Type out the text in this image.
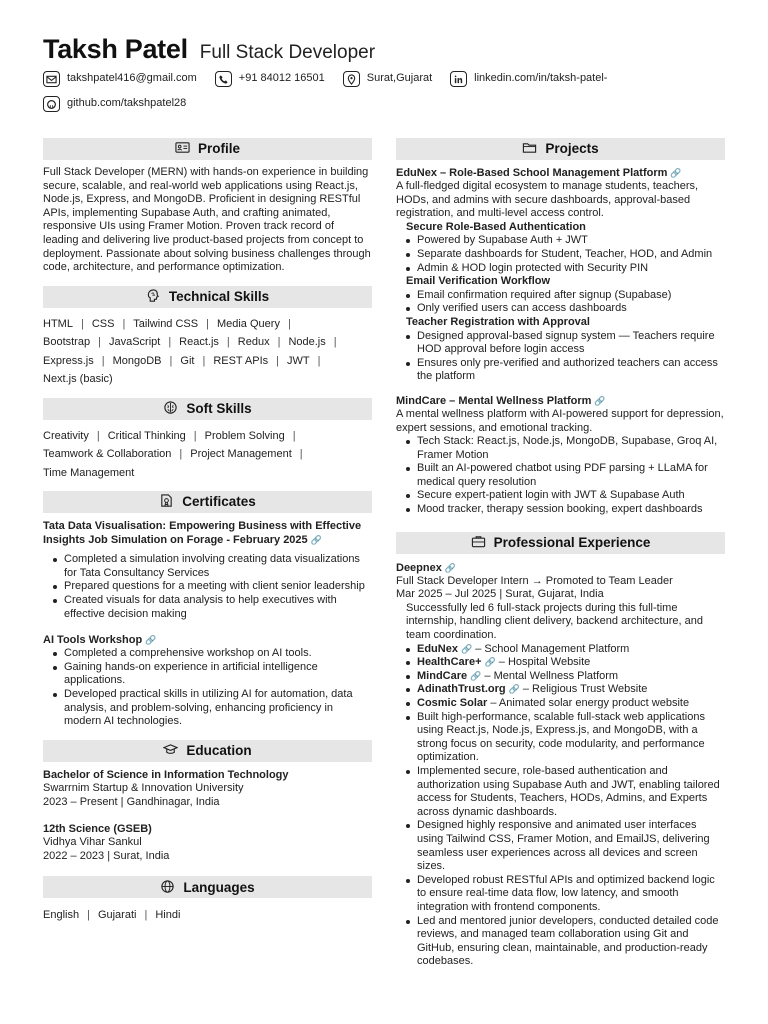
Taksh Patel Full Stack Developer
takshpatel416@gmail.com	+91 84012 16501	Surat,Gujarat	linkedin.com/in/taksh-patel-
github.com/takshpatel28
Profile
Full Stack Developer (MERN) with hands-on experience in building secure, scalable, and real-world web applications using React.js, Node.js, Express, and MongoDB. Proficient in designing RESTful APIs, implementing Supabase Auth, and crafting animated, responsive UIs using Framer Motion. Proven track record of leading and delivering live product-based projects from concept to deployment. Passionate about solving business challenges through code, architecture, and performance optimization.
Technical Skills
HTML | CSS | Tailwind CSS | Media Query |
Bootstrap | JavaScript | React.js | Redux | Node.js |
Express.js | MongoDB | Git | REST APIs | JWT |
Next.js (basic)
Soft Skills
Creativity | Critical Thinking | Problem Solving |
Teamwork & Collaboration | Project Management |
Time Management
Certificates
Tata Data Visualisation: Empowering Business with Effective Insights Job Simulation on Forage - February 2025 🔗
Completed a simulation involving creating data visualizations for Tata Consultancy Services
Prepared questions for a meeting with client senior leadership
Created visuals for data analysis to help executives with effective decision making
AI Tools Workshop 🔗
Completed a comprehensive workshop on AI tools.
Gaining hands-on experience in artificial intelligence applications.
Developed practical skills in utilizing AI for automation, data analysis, and problem-solving, enhancing proficiency in modern AI technologies.
Education
Bachelor of Science in Information Technology
Swarrnim Startup & Innovation University
2023 – Present | Gandhinagar, India
12th Science (GSEB)
Vidhya Vihar Sankul
2022 – 2023 | Surat, India
Languages
English | Gujarati | Hindi
Projects
EduNex – Role-Based School Management Platform 🔗
A full-fledged digital ecosystem to manage students, teachers, HODs, and admins with secure dashboards, approval-based registration, and multi-level access control.
Secure Role-Based Authentication
Powered by Supabase Auth + JWT
Separate dashboards for Student, Teacher, HOD, and Admin
Admin & HOD login protected with Security PIN
Email Verification Workflow
Email confirmation required after signup (Supabase)
Only verified users can access dashboards
Teacher Registration with Approval
Designed approval-based signup system — Teachers require HOD approval before login access
Ensures only pre-verified and authorized teachers can access the platform
MindCare – Mental Wellness Platform 🔗
A mental wellness platform with AI-powered support for depression, expert sessions, and emotional tracking.
Tech Stack: React.js, Node.js, MongoDB, Supabase, Groq AI, Framer Motion
Built an AI-powered chatbot using PDF parsing + LLaMA for medical query resolution
Secure expert-patient login with JWT & Supabase Auth
Mood tracker, therapy session booking, expert dashboards
Professional Experience
Deepnex 🔗
Full Stack Developer Intern → Promoted to Team Leader
Mar 2025 – Jul 2025 | Surat, Gujarat, India
Successfully led 6 full-stack projects during this full-time internship, handling client delivery, backend architecture, and team coordination.
EduNex 🔗 – School Management Platform
HealthCare+ 🔗 – Hospital Website
MindCare 🔗 – Mental Wellness Platform
AdinathTrust.org 🔗 – Religious Trust Website
Cosmic Solar – Animated solar energy product website
Built high-performance, scalable full-stack web applications using React.js, Node.js, Express.js, and MongoDB, with a strong focus on security, code modularity, and performance optimization.
Implemented secure, role-based authentication and authorization using Supabase Auth and JWT, enabling tailored access for Students, Teachers, HODs, Admins, and Experts across dynamic dashboards.
Designed highly responsive and animated user interfaces using Tailwind CSS, Framer Motion, and EmailJS, delivering seamless user experiences across all devices and screen sizes.
Developed robust RESTful APIs and optimized backend logic to ensure real-time data flow, low latency, and smooth integration with frontend components.
Led and mentored junior developers, conducted detailed code reviews, and managed team collaboration using Git and GitHub, ensuring clean, maintainable, and production-ready codebases.
